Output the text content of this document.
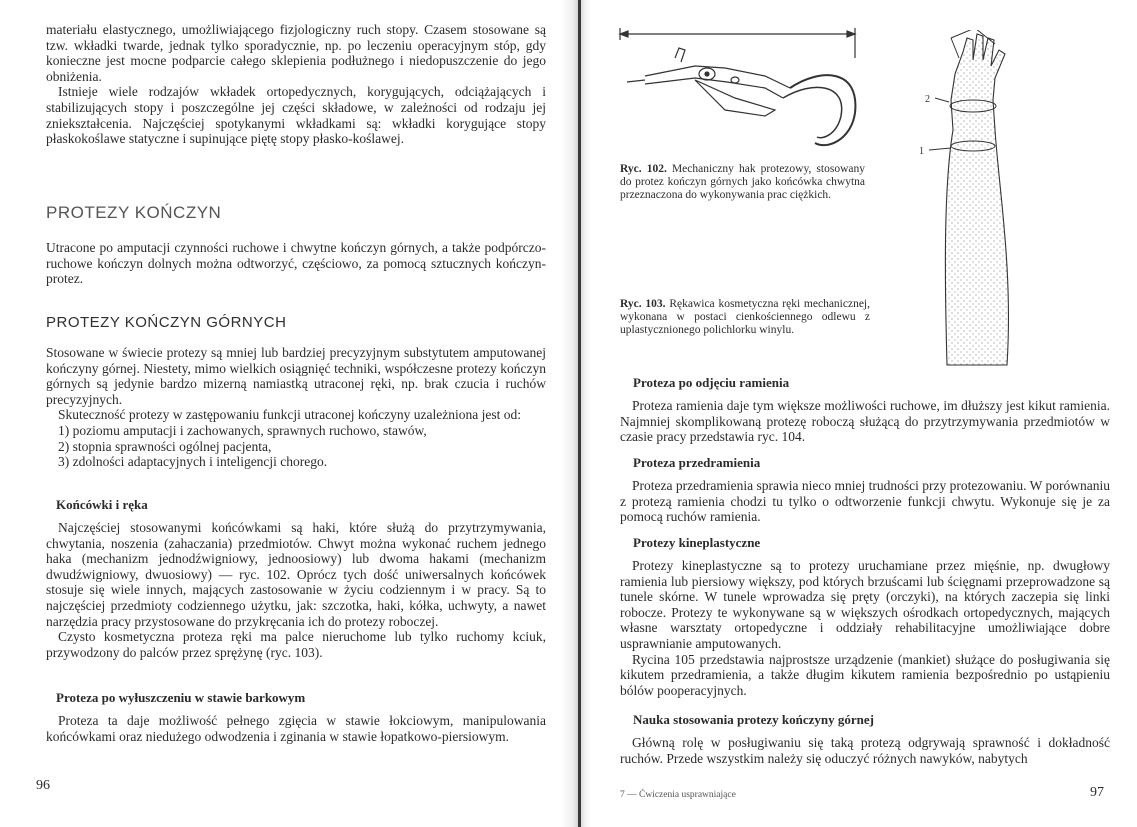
materiału elastycznego, umożliwiającego fizjologiczny ruch stopy. Czasem stosowane są tzw. wkładki twarde, jednak tylko sporadycznie, np. po leczeniu operacyjnym stóp, gdy konieczne jest mocne podparcie całego sklepienia podłużnego i niedopuszczenie do jego obniżenia.

Istnieje wiele rodzajów wkładek ortopedycznych, korygujących, odciążających i stabilizujących stopy i poszczególne jej części składowe, w zależności od rodzaju jej zniekształcenia. Najczęściej spotykanymi wkładkami są: wkładki korygujące stopy płaskokoślawe statyczne i supinujące piętę stopy płasko-koślawej.

PROTEZY KOŃCZYN

Utracone po amputacji czynności ruchowe i chwytne kończyn górnych, a także podpórczo-ruchowe kończyn dolnych można odtworzyć, częściowo, za pomocą sztucznych kończyn-protez.

PROTEZY KOŃCZYN GÓRNYCH

Stosowane w świecie protezy są mniej lub bardziej precyzyjnym substytutem amputowanej kończyny górnej. Niestety, mimo wielkich osiągnięć techniki, współczesne protezy kończyn górnych są jedynie bardzo mizerną namiastką utraconej ręki, np. brak czucia i ruchów precyzyjnych.

Skuteczność protezy w zastępowaniu funkcji utraconej kończyny uzależniona jest od:

1) poziomu amputacji i zachowanych, sprawnych ruchowo, stawów,
2) stopnia sprawności ogólnej pacjenta,
3) zdolności adaptacyjnych i inteligencji chorego.
Końcówki i ręka

Najczęściej stosowanymi końcówkami są haki, które służą do przytrzymywania, chwytania, noszenia (zahaczania) przedmiotów. Chwyt można wykonać ruchem jednego haka (mechanizm jednodźwigniowy, jednoosiowy) lub dwoma hakami (mechanizm dwudźwigniowy, dwuosiowy) — ryc. 102. Oprócz tych dość uniwersalnych końcówek stosuje się wiele innych, mających zastosowanie w życiu codziennym i w pracy. Są to najczęściej przedmioty codziennego użytku, jak: szczotka, haki, kółka, uchwyty, a nawet narzędzia pracy przystosowane do przykręcania ich do protezy roboczej.

Czysto kosmetyczna proteza ręki ma palce nieruchome lub tylko ruchomy kciuk, przywodzony do palców przez sprężynę (ryc. 103).

Proteza po wyłuszczeniu w stawie barkowym

Proteza ta daje możliwość pełnego zgięcia w stawie łokciowym, manipulowania końcówkami oraz niedużego odwodzenia i zginania w stawie łopatkowo-piersiowym.

96
Ryc. 102. Mechaniczny hak protezowy, stosowany do protez kończyn górnych jako końcówka chwytna przeznaczona do wykonywania prac ciężkich.
2
1
Ryc. 103. Rękawica kosmetyczna ręki mechanicznej, wykonana w postaci cienkościennego odlewu z uplastycznionego polichlorku winylu.
Proteza po odjęciu ramienia

Proteza ramienia daje tym większe możliwości ruchowe, im dłuższy jest kikut ramienia. Najmniej skomplikowaną protezę roboczą służącą do przytrzymywania przedmiotów w czasie pracy przedstawia ryc. 104.

Proteza przedramienia

Proteza przedramienia sprawia nieco mniej trudności przy protezowaniu. W porównaniu z protezą ramienia chodzi tu tylko o odtworzenie funkcji chwytu. Wykonuje się je za pomocą ruchów ramienia.

Protezy kineplastyczne

Protezy kineplastyczne są to protezy uruchamiane przez mięśnie, np. dwugłowy ramienia lub piersiowy większy, pod których brzuścami lub ścięgnami przeprowadzone są tunele skórne. W tunele wprowadza się pręty (orczyki), na których zaczepia się linki robocze. Protezy te wykonywane są w większych ośrodkach ortopedycznych, mających własne warsztaty ortopedyczne i oddziały rehabilitacyjne umożliwiające dobre usprawnianie amputowanych.

Rycina 105 przedstawia najprostsze urządzenie (mankiet) służące do posługiwania się kikutem przedramienia, a także długim kikutem ramienia bezpośrednio po ustąpieniu bólów pooperacyjnych.

Nauka stosowania protezy kończyny górnej

Główną rolę w posługiwaniu się taką protezą odgrywają sprawność i dokładność ruchów. Przede wszystkim należy się oduczyć różnych nawyków, nabytych

7 — Ćwiczenia usprawniające	97
